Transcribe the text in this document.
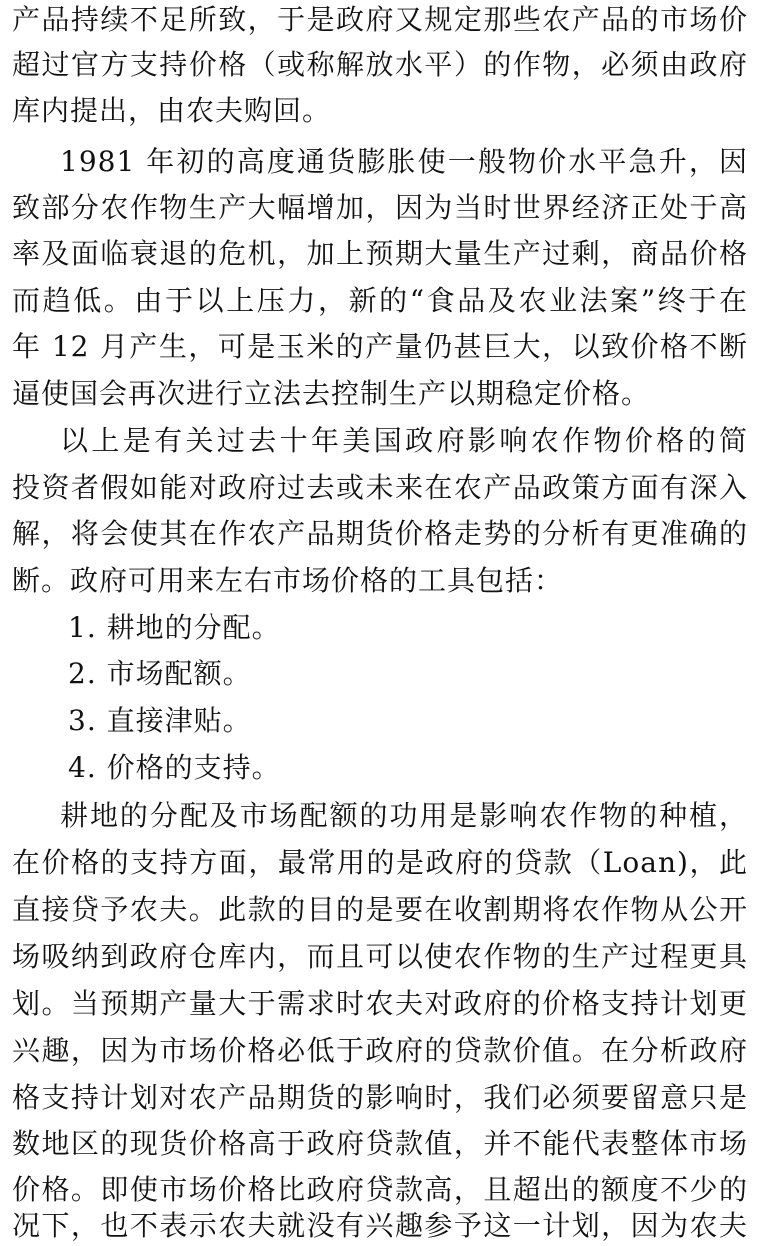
产品持续不足所致，于是政府又规定那些农产品的市场价
超过官方支持价格（或称解放水平）的作物，必须由政府
库内提出，由农夫购回。
1981 年初的高度通货膨胀使一般物价水平急升，因
致部分农作物生产大幅增加，因为当时世界经济正处于高
率及面临衰退的危机，加上预期大量生产过剩，商品价格
而趋低。由于以上压力，新的“食品及农业法案”终于在
年 12 月产生，可是玉米的产量仍甚巨大，以致价格不断
逼使国会再次进行立法去控制生产以期稳定价格。
以上是有关过去十年美国政府影响农作物价格的简
投资者假如能对政府过去或未来在农产品政策方面有深入
解，将会使其在作农产品期货价格走势的分析有更准确的
断。政府可用来左右市场价格的工具包括：
1. 耕地的分配。
2. 市场配额。
3. 直接津贴。
4. 价格的支持。
耕地的分配及市场配额的功用是影响农作物的种植，
在价格的支持方面，最常用的是政府的贷款（Loan)，此
直接贷予农夫。此款的目的是要在收割期将农作物从公开
场吸纳到政府仓库内，而且可以使农作物的生产过程更具
划。当预期产量大于需求时农夫对政府的价格支持计划更
兴趣，因为市场价格必低于政府的贷款价值。在分析政府
格支持计划对农产品期货的影响时，我们必须要留意只是
数地区的现货价格高于政府贷款值，并不能代表整体市场
价格。即使市场价格比政府贷款高，且超出的额度不少的
况下，也不表示农夫就没有兴趣参予这一计划，因为农夫
